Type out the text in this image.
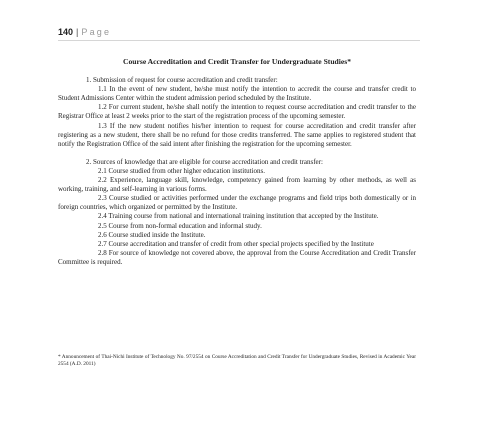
140 | Page
Course Accreditation and Credit Transfer for Undergraduate Studies*

1. Submission of request for course accreditation and credit transfer:

1.1 In the event of new student, he/she must notify the intention to accredit the course and transfer credit to Student Admissions Center within the student admission period scheduled by the Institute.

1.2 For current student, he/she shall notify the intention to request course accreditation and credit transfer to the Registrar Office at least 2 weeks prior to the start of the registration process of the upcoming semester.

1.3 If the new student notifies his/her intention to request for course accreditation and credit transfer after registering as a new student, there shall be no refund for those credits transferred. The same applies to registered student that notify the Registration Office of the said intent after finishing the registration for the upcoming semester.

2. Sources of knowledge that are eligible for course accreditation and credit transfer:

2.1 Course studied from other higher education institutions.

2.2 Experience, language skill, knowledge, competency gained from learning by other methods, as well as working, training, and self-learning in various forms.

2.3 Course studied or activities performed under the exchange programs and field trips both domestically or in foreign countries, which organized or permitted by the Institute.

2.4 Training course from national and international training institution that accepted by the Institute.

2.5 Course from non-formal education and informal study.

2.6 Course studied inside the Institute.

2.7 Course accreditation and transfer of credit from other special projects specified by the Institute

2.8 For source of knowledge not covered above, the approval from the Course Accreditation and Credit Transfer Committee is required.

* Announcement of Thai-Nichi Institute of Technology No. 97/2554 on Course Accreditation and Credit Transfer for Undergraduate Studies, Revised in Academic Year 2554 (A.D. 2011)
